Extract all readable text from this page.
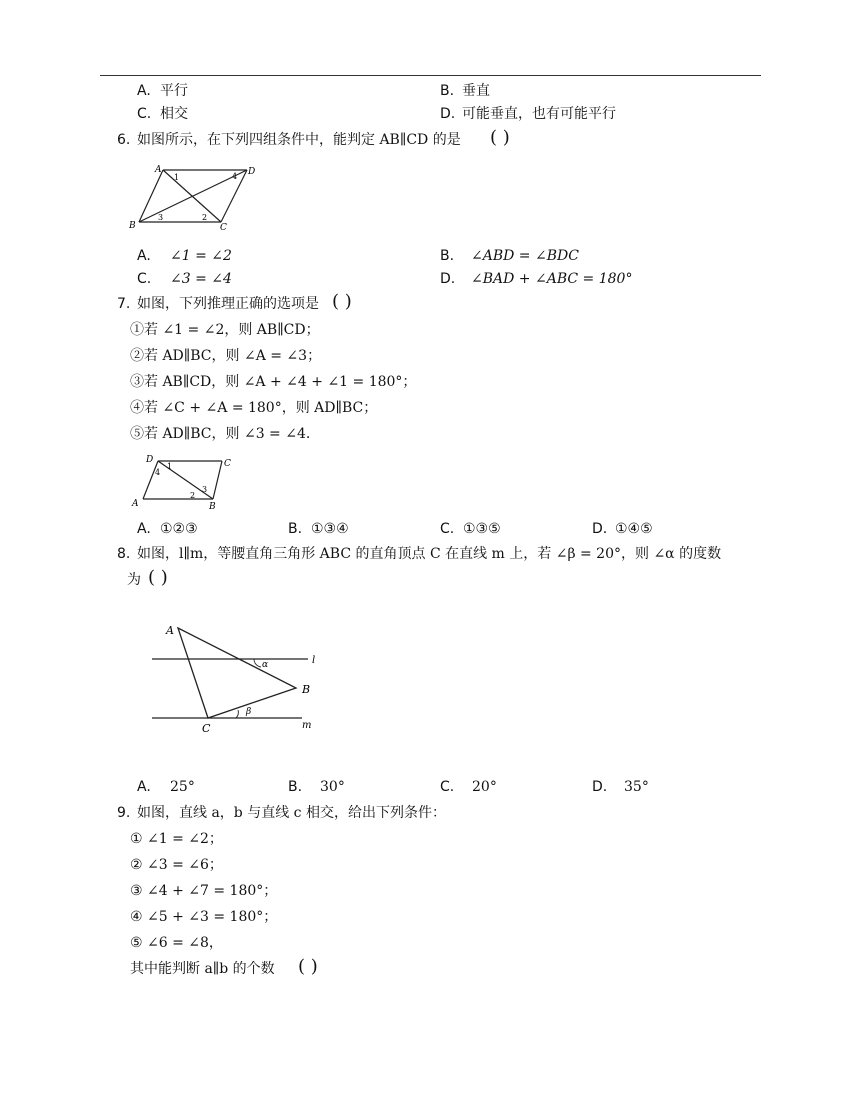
A. 平行	B. 垂直
C. 相交	D. 可能垂直，也有可能平行
6. 如图所示，在下列四组条件中，能判定 AB∥CD 的是 ( )
A	D
B	C
1
2
3
4
A. ∠1 = ∠2	B. ∠ABD = ∠BDC
C. ∠3 = ∠4	D. ∠BAD + ∠ABC = 180°
7. 如图，下列推理正确的选项是 ( )
①若 ∠1 = ∠2，则 AB∥CD；
②若 AD∥BC，则 ∠A = ∠3；
③若 AB∥CD，则 ∠A + ∠4 + ∠1 = 180°；
④若 ∠C + ∠A = 180°，则 AD∥BC；
⑤若 AD∥BC，则 ∠3 = ∠4.
D	C
A	B
1
2
3
4
A. ①②③	B. ①③④	C. ①③⑤	D. ①④⑤
8. 如图，l∥m，等腰直角三角形 ABC 的直角顶点 C 在直线 m 上，若 ∠β = 20°，则 ∠α 的度数
为 ( )
A
B
C
l
m
α
β
A. 25°	B. 30°	C. 20°	D. 35°
9. 如图，直线 a，b 与直线 c 相交，给出下列条件：
① ∠1 = ∠2；
② ∠3 = ∠6；
③ ∠4 + ∠7 = 180°；
④ ∠5 + ∠3 = 180°；
⑤ ∠6 = ∠8，
其中能判断 a∥b 的个数 ( )
